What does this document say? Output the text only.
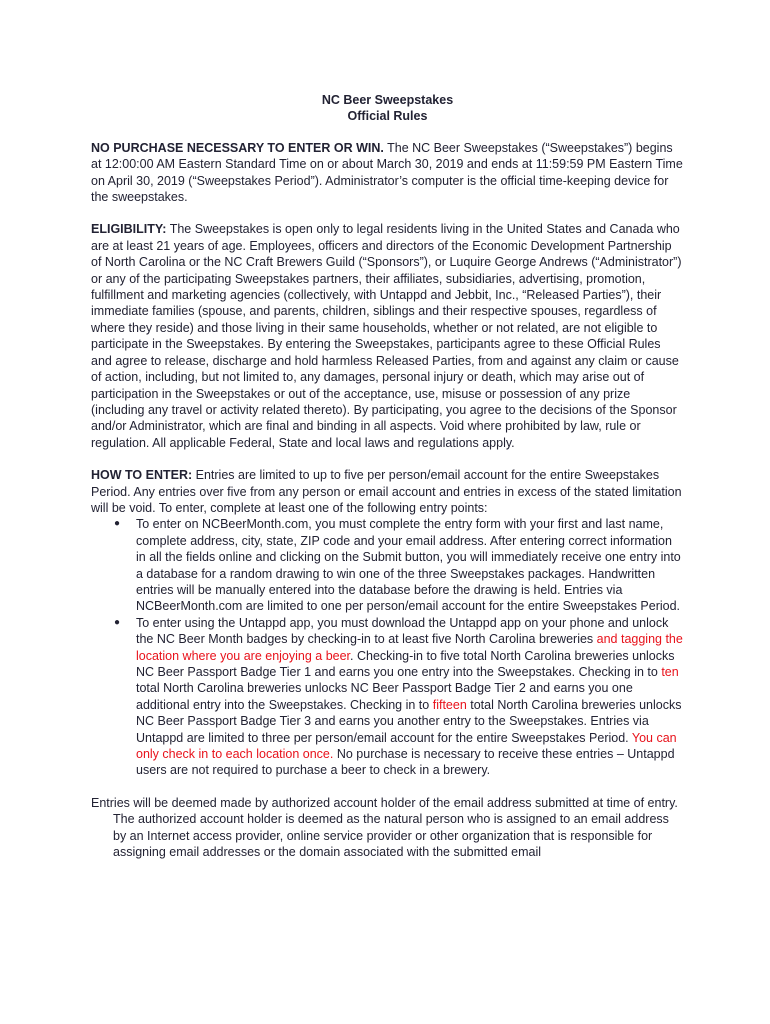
NC Beer Sweepstakes

Official Rules

NO PURCHASE NECESSARY TO ENTER OR WIN. The NC Beer Sweepstakes (“Sweepstakes”) begins at 12:00:00 AM Eastern Standard Time on or about March 30, 2019 and ends at 11:59:59 PM Eastern Time on April 30, 2019 (“Sweepstakes Period”). Administrator’s computer is the official time-keeping device for the sweepstakes.

ELIGIBILITY: The Sweepstakes is open only to legal residents living in the United States and Canada who are at least 21 years of age. Employees, officers and directors of the Economic Development Partnership of North Carolina or the NC Craft Brewers Guild (“Sponsors”), or Luquire George Andrews (“Administrator”) or any of the participating Sweepstakes partners, their affiliates, subsidiaries, advertising, promotion, fulfillment and marketing agencies (collectively, with Untappd and Jebbit, Inc., “Released Parties”), their immediate families (spouse, and parents, children, siblings and their respective spouses, regardless of where they reside) and those living in their same households, whether or not related, are not eligible to participate in the Sweepstakes. By entering the Sweepstakes, participants agree to these Official Rules and agree to release, discharge and hold harmless Released Parties, from and against any claim or cause of action, including, but not limited to, any damages, personal injury or death, which may arise out of participation in the Sweepstakes or out of the acceptance, use, misuse or possession of any prize (including any travel or activity related thereto). By participating, you agree to the decisions of the Sponsor and/or Administrator, which are final and binding in all aspects. Void where prohibited by law, rule or regulation. All applicable Federal, State and local laws and regulations apply.

HOW TO ENTER: Entries are limited to up to five per person/email account for the entire Sweepstakes Period. Any entries over five from any person or email account and entries in excess of the stated limitation will be void. To enter, complete at least one of the following entry points:

● To enter on NCBeerMonth.com, you must complete the entry form with your first and last name, complete address, city, state, ZIP code and your email address. After entering correct information in all the fields online and clicking on the Submit button, you will immediately receive one entry into a database for a random drawing to win one of the three Sweepstakes packages. Handwritten entries will be manually entered into the database before the drawing is held. Entries via NCBeerMonth.com are limited to one per person/email account for the entire Sweepstakes Period.
● To enter using the Untappd app, you must download the Untappd app on your phone and unlock the NC Beer Month badges by checking-in to at least five North Carolina breweries and tagging the location where you are enjoying a beer. Checking-in to five total North Carolina breweries unlocks NC Beer Passport Badge Tier 1 and earns you one entry into the Sweepstakes. Checking in to ten total North Carolina breweries unlocks NC Beer Passport Badge Tier 2 and earns you one additional entry into the Sweepstakes. Checking in to fifteen total North Carolina breweries unlocks NC Beer Passport Badge Tier 3 and earns you another entry to the Sweepstakes. Entries via Untappd are limited to three per person/email account for the entire Sweepstakes Period. You can only check in to each location once. No purchase is necessary to receive these entries – Untappd users are not required to purchase a beer to check in a brewery.

Entries will be deemed made by authorized account holder of the email address submitted at time of entry. The authorized account holder is deemed as the natural person who is assigned to an email address by an Internet access provider, online service provider or other organization that is responsible for assigning email addresses or the domain associated with the submitted email
